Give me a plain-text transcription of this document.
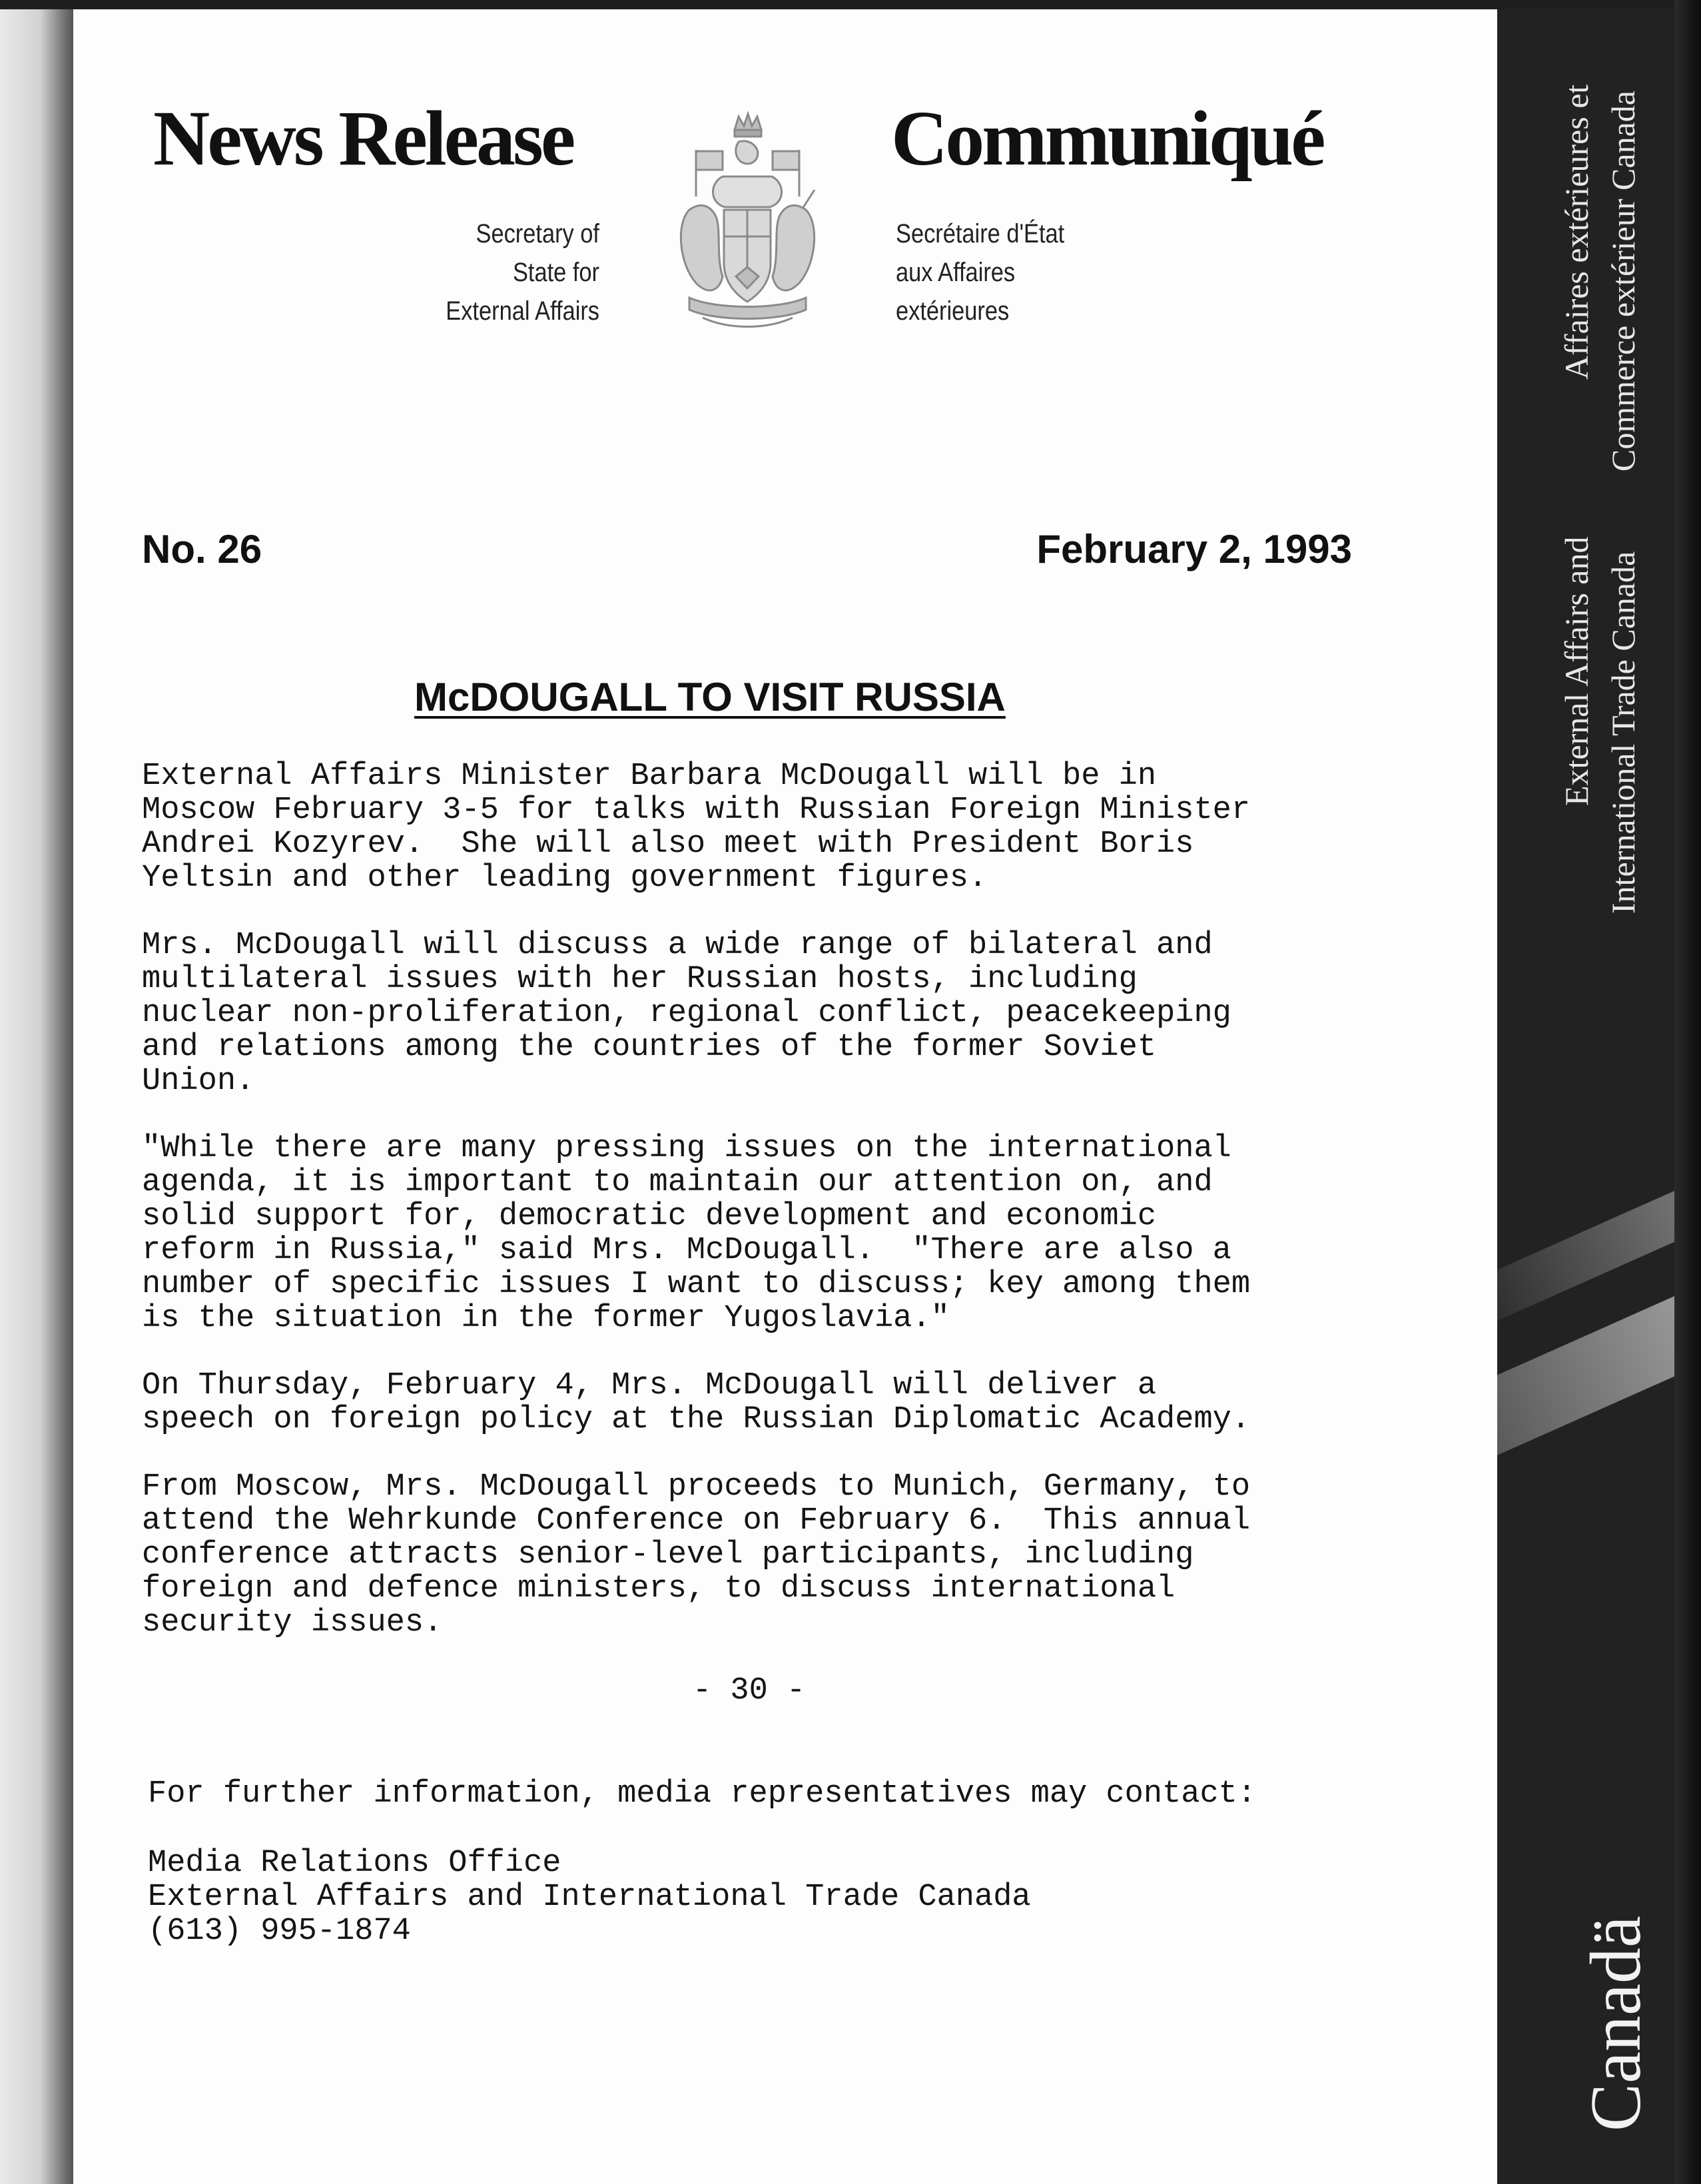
News Release	Communiqué
Secretary of
State for
External Affairs
Secrétaire d'État
aux Affaires
extérieures
No. 26	February 2, 1993
McDOUGALL TO VISIT RUSSIA
External Affairs Minister Barbara McDougall will be in
Moscow February 3-5 for talks with Russian Foreign Minister
Andrei Kozyrev.  She will also meet with President Boris
Yeltsin and other leading government figures.
Mrs. McDougall will discuss a wide range of bilateral and
multilateral issues with her Russian hosts, including
nuclear non-proliferation, regional conflict, peacekeeping
and relations among the countries of the former Soviet
Union.
"While there are many pressing issues on the international
agenda, it is important to maintain our attention on, and
solid support for, democratic development and economic
reform in Russia," said Mrs. McDougall.  "There are also a
number of specific issues I want to discuss; key among them
is the situation in the former Yugoslavia."
On Thursday, February 4, Mrs. McDougall will deliver a
speech on foreign policy at the Russian Diplomatic Academy.
From Moscow, Mrs. McDougall proceeds to Munich, Germany, to
attend the Wehrkunde Conference on February 6.  This annual
conference attracts senior-level participants, including
foreign and defence ministers, to discuss international
security issues.
- 30 -
For further information, media representatives may contact:
Media Relations Office
External Affairs and International Trade Canada
(613) 995-1874
Affaires extérieures et Commerce extérieur Canada
External Affairs and International Trade Canada
Canadä
